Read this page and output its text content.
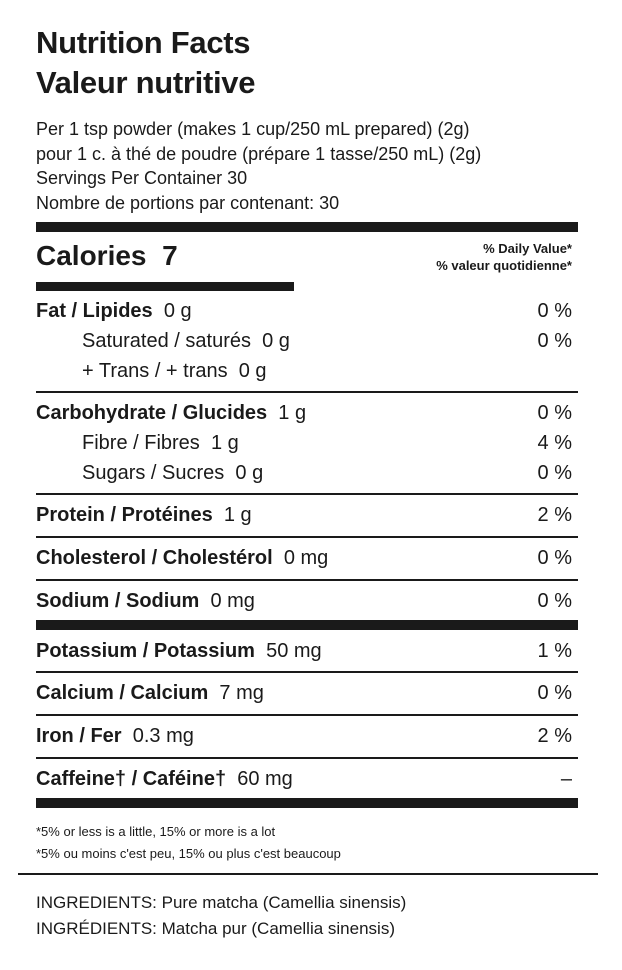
Nutrition Facts
Valeur nutritive
Per 1 tsp powder (makes 1 cup/250 mL prepared) (2g)
pour 1 c. à thé de poudre (prépare 1 tasse/250 mL) (2g)
Servings Per Container 30
Nombre de portions par contenant: 30
Calories 7	% Daily Value*
% valeur quotidienne*
Fat / Lipides 0 g	0 %
Saturated / saturés 0 g	0 %
+ Trans / + trans 0 g
Carbohydrate / Glucides 1 g	0 %
Fibre / Fibres 1 g	4 %
Sugars / Sucres 0 g	0 %
Protein / Protéines 1 g	2 %
Cholesterol / Cholestérol 0 mg	0 %
Sodium / Sodium 0 mg	0 %
Potassium / Potassium 50 mg	1 %
Calcium / Calcium 7 mg	0 %
Iron / Fer 0.3 mg	2 %
Caffeine† / Caféine† 60 mg	–
*5% or less is a little, 15% or more is a lot
*5% ou moins c'est peu, 15% ou plus c'est beaucoup
INGREDIENTS: Pure matcha (Camellia sinensis)
INGRÉDIENTS: Matcha pur (Camellia sinensis)
